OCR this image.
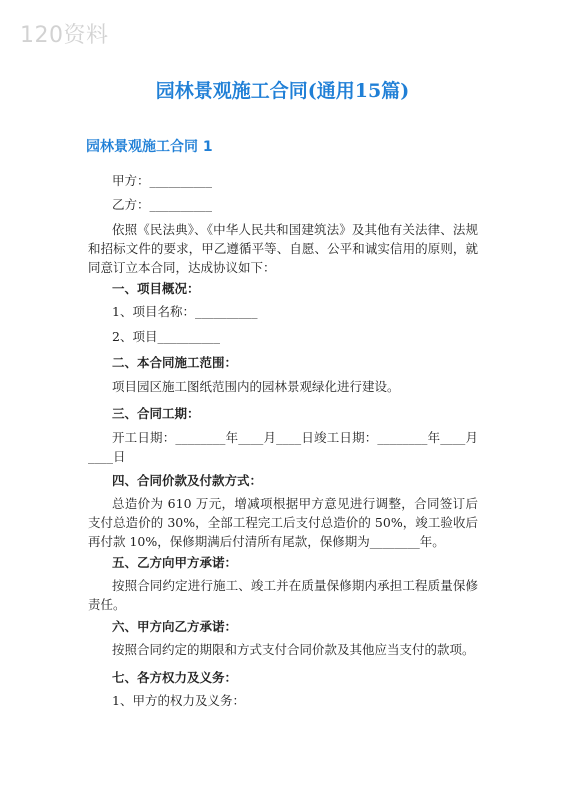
120资料
园林景观施工合同(通用15篇)
园林景观施工合同 1
甲方：__________
乙方：__________
依照《民法典》、《中华人民共和国建筑法》及其他有关法律、法规和招标文件的要求，甲乙遵循平等、自愿、公平和诚实信用的原则，就同意订立本合同，达成协议如下：
一、项目概况：
1、项目名称：__________
2、项目__________
二、本合同施工范围：
项目园区施工图纸范围内的园林景观绿化进行建设。
三、合同工期：
开工日期：________年____月____日竣工日期：________年____月____日
四、合同价款及付款方式：
总造价为 610 万元，增减项根据甲方意见进行调整，合同签订后支付总造价的 30%，全部工程完工后支付总造价的 50%，竣工验收后再付款 10%，保修期满后付清所有尾款，保修期为________年。
五、乙方向甲方承诺：
按照合同约定进行施工、竣工并在质量保修期内承担工程质量保修责任。
六、甲方向乙方承诺：
按照合同约定的期限和方式支付合同价款及其他应当支付的款项。
七、各方权力及义务：
1、甲方的权力及义务：
